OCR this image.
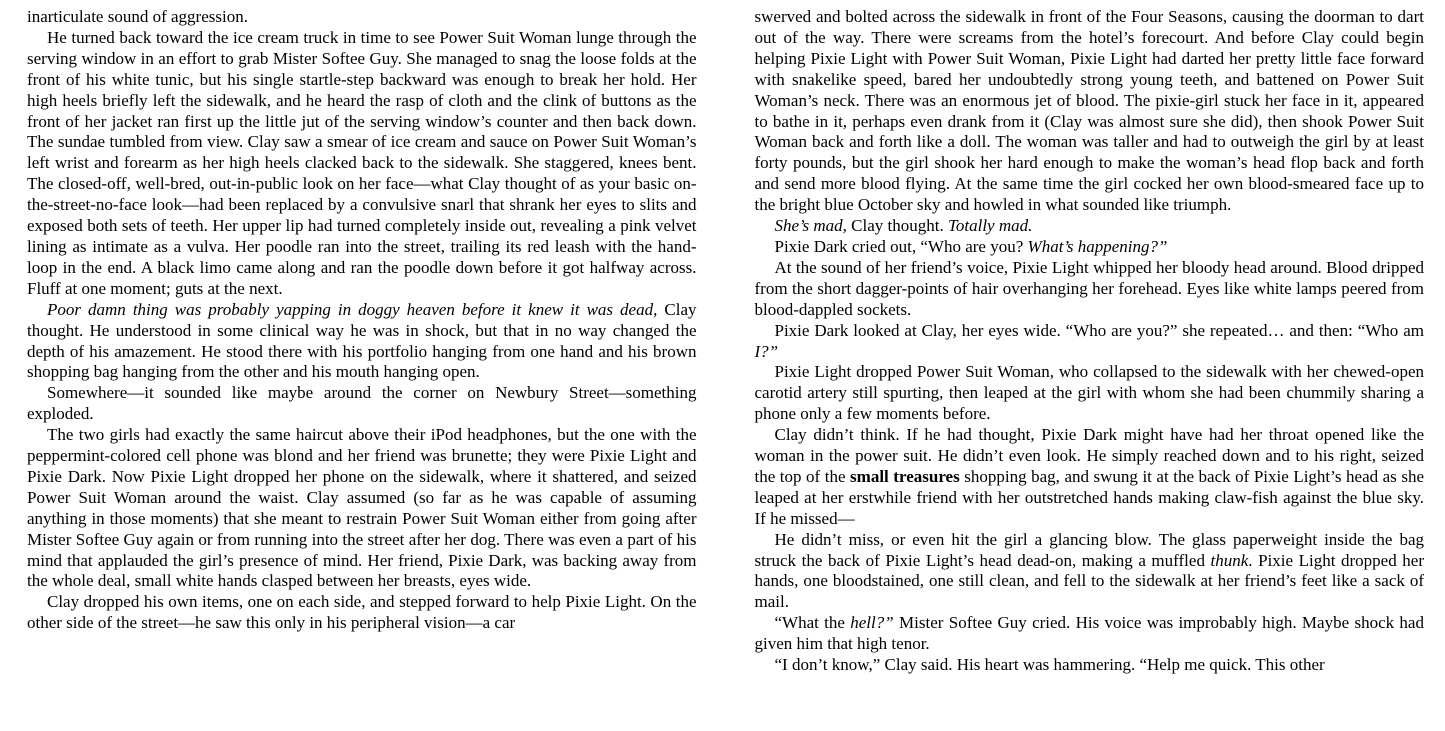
inarticulate sound of aggression.

He turned back toward the ice cream truck in time to see Power Suit Woman lunge through the serving window in an effort to grab Mister Softee Guy. She managed to snag the loose folds at the front of his white tunic, but his single startle-step backward was enough to break her hold. Her high heels briefly left the sidewalk, and he heard the rasp of cloth and the clink of buttons as the front of her jacket ran first up the little jut of the serving window’s counter and then back down. The sundae tumbled from view. Clay saw a smear of ice cream and sauce on Power Suit Woman’s left wrist and forearm as her high heels clacked back to the sidewalk. She staggered, knees bent. The closed-off, well-bred, out-in-public look on her face—what Clay thought of as your basic on-the-street-no-face look—had been replaced by a convulsive snarl that shrank her eyes to slits and exposed both sets of teeth. Her upper lip had turned completely inside out, revealing a pink velvet lining as intimate as a vulva. Her poodle ran into the street, trailing its red leash with the hand-loop in the end. A black limo came along and ran the poodle down before it got halfway across. Fluff at one moment; guts at the next.

Poor damn thing was probably yapping in doggy heaven before it knew it was dead, Clay thought. He understood in some clinical way he was in shock, but that in no way changed the depth of his amazement. He stood there with his portfolio hanging from one hand and his brown shopping bag hanging from the other and his mouth hanging open.

Somewhere—it sounded like maybe around the corner on Newbury Street—something exploded.

The two girls had exactly the same haircut above their iPod headphones, but the one with the peppermint-colored cell phone was blond and her friend was brunette; they were Pixie Light and Pixie Dark. Now Pixie Light dropped her phone on the sidewalk, where it shattered, and seized Power Suit Woman around the waist. Clay assumed (so far as he was capable of assuming anything in those moments) that she meant to restrain Power Suit Woman either from going after Mister Softee Guy again or from running into the street after her dog. There was even a part of his mind that applauded the girl’s presence of mind. Her friend, Pixie Dark, was backing away from the whole deal, small white hands clasped between her breasts, eyes wide.

Clay dropped his own items, one on each side, and stepped forward to help Pixie Light. On the other side of the street—he saw this only in his peripheral vision—a car

swerved and bolted across the sidewalk in front of the Four Seasons, causing the doorman to dart out of the way. There were screams from the hotel’s forecourt. And before Clay could begin helping Pixie Light with Power Suit Woman, Pixie Light had darted her pretty little face forward with snakelike speed, bared her undoubtedly strong young teeth, and battened on Power Suit Woman’s neck. There was an enormous jet of blood. The pixie-girl stuck her face in it, appeared to bathe in it, perhaps even drank from it (Clay was almost sure she did), then shook Power Suit Woman back and forth like a doll. The woman was taller and had to outweigh the girl by at least forty pounds, but the girl shook her hard enough to make the woman’s head flop back and forth and send more blood flying. At the same time the girl cocked her own blood-smeared face up to the bright blue October sky and howled in what sounded like triumph.

She’s mad, Clay thought. Totally mad.

Pixie Dark cried out, “Who are you? What’s happening?”

At the sound of her friend’s voice, Pixie Light whipped her bloody head around. Blood dripped from the short dagger-points of hair overhanging her forehead. Eyes like white lamps peered from blood-dappled sockets.

Pixie Dark looked at Clay, her eyes wide. “Who are you?” she repeated… and then: “Who am I?”

Pixie Light dropped Power Suit Woman, who collapsed to the sidewalk with her chewed-open carotid artery still spurting, then leaped at the girl with whom she had been chummily sharing a phone only a few moments before.

Clay didn’t think. If he had thought, Pixie Dark might have had her throat opened like the woman in the power suit. He didn’t even look. He simply reached down and to his right, seized the top of the small treasures shopping bag, and swung it at the back of Pixie Light’s head as she leaped at her erstwhile friend with her outstretched hands making claw-fish against the blue sky. If he missed—

He didn’t miss, or even hit the girl a glancing blow. The glass paperweight inside the bag struck the back of Pixie Light’s head dead-on, making a muffled thunk. Pixie Light dropped her hands, one bloodstained, one still clean, and fell to the sidewalk at her friend’s feet like a sack of mail.

“What the hell?” Mister Softee Guy cried. His voice was improbably high. Maybe shock had given him that high tenor.

“I don’t know,” Clay said. His heart was hammering. “Help me quick. This other
